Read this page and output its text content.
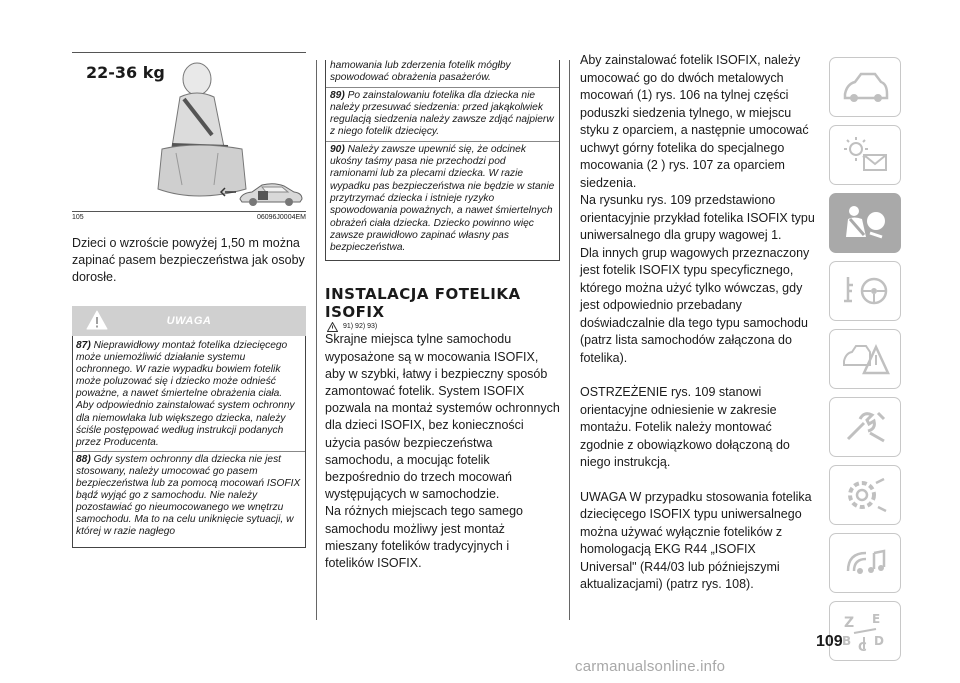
22-36 kg
105	06096J0004EM

Dzieci o wzroście powyżej 1,50 m można zapinać pasem bezpieczeństwa jak osoby dorosłe.

UWAGA

87) Nieprawidłowy montaż fotelika dziecięcego może uniemożliwić działanie systemu ochronnego. W razie wypadku bowiem fotelik może poluzować się i dziecko może odnieść poważne, a nawet śmiertelne obrażenia ciała. Aby odpowiednio zainstalować system ochronny dla niemowlaka lub większego dziecka, należy ściśle postępować według instrukcji podanych przez Producenta.

88) Gdy system ochronny dla dziecka nie jest stosowany, należy umocować go pasem bezpieczeństwa lub za pomocą mocowań ISOFIX bądź wyjąć go z samochodu. Nie należy pozostawiać go nieumocowanego we wnętrzu samochodu. Ma to na celu uniknięcie sytuacji, w której w razie nagłego

hamowania lub zderzenia fotelik mógłby spowodować obrażenia pasażerów.

89) Po zainstalowaniu fotelika dla dziecka nie należy przesuwać siedzenia: przed jakąkolwiek regulacją siedzenia należy zawsze zdjąć najpierw z niego fotelik dziecięcy.

90) Należy zawsze upewnić się, że odcinek ukośny taśmy pasa nie przechodzi pod ramionami lub za plecami dziecka. W razie wypadku pas bezpieczeństwa nie będzie w stanie przytrzymać dziecka i istnieje ryzyko spowodowania poważnych, a nawet śmiertelnych obrażeń ciała dziecka. Dziecko powinno więc zawsze prawidłowo zapinać własny pas bezpieczeństwa.

INSTALACJA FOTELIKA ISOFIX
91) 92) 93)

Skrajne miejsca tylne samochodu wyposażone są w mocowania ISOFIX, aby w szybki, łatwy i bezpieczny sposób zamontować fotelik. System ISOFIX pozwala na montaż systemów ochronnych dla dzieci ISOFIX, bez konieczności użycia pasów bezpieczeństwa samochodu, a mocując fotelik bezpośrednio do trzech mocowań występujących w samochodzie.
Na różnych miejscach tego samego samochodu możliwy jest montaż mieszany fotelików tradycyjnych i fotelików ISOFIX.

Aby zainstalować fotelik ISOFIX, należy umocować go do dwóch metalowych mocowań (1) rys. 106 na tylnej części poduszki siedzenia tylnego, w miejscu styku z oparciem, a następnie umocować uchwyt górny fotelika do specjalnego mocowania (2 ) rys. 107 za oparciem siedzenia.

Na rysunku rys. 109 przedstawiono orientacyjnie przykład fotelika ISOFIX typu uniwersalnego dla grupy wagowej 1.

Dla innych grup wagowych przeznaczony jest fotelik ISOFIX typu specyficznego, którego można użyć tylko wówczas, gdy jest odpowiednio przebadany doświadczalnie dla tego typu samochodu (patrz lista samochodów załączona do fotelika).

OSTRZEŻENIE rys. 109 stanowi orientacyjne odniesienie w zakresie montażu. Fotelik należy montować zgodnie z obowiązkowo dołączoną do niego instrukcją.

UWAGA W przypadku stosowania fotelika dziecięcego ISOFIX typu uniwersalnego można używać wyłącznie fotelików z homologacją EKG R44 „ISOFIX Universal" (R44/03 lub późniejszymi aktualizacjami) (patrz rys. 108).

Z E
B C D
109
carmanualsonline.info
